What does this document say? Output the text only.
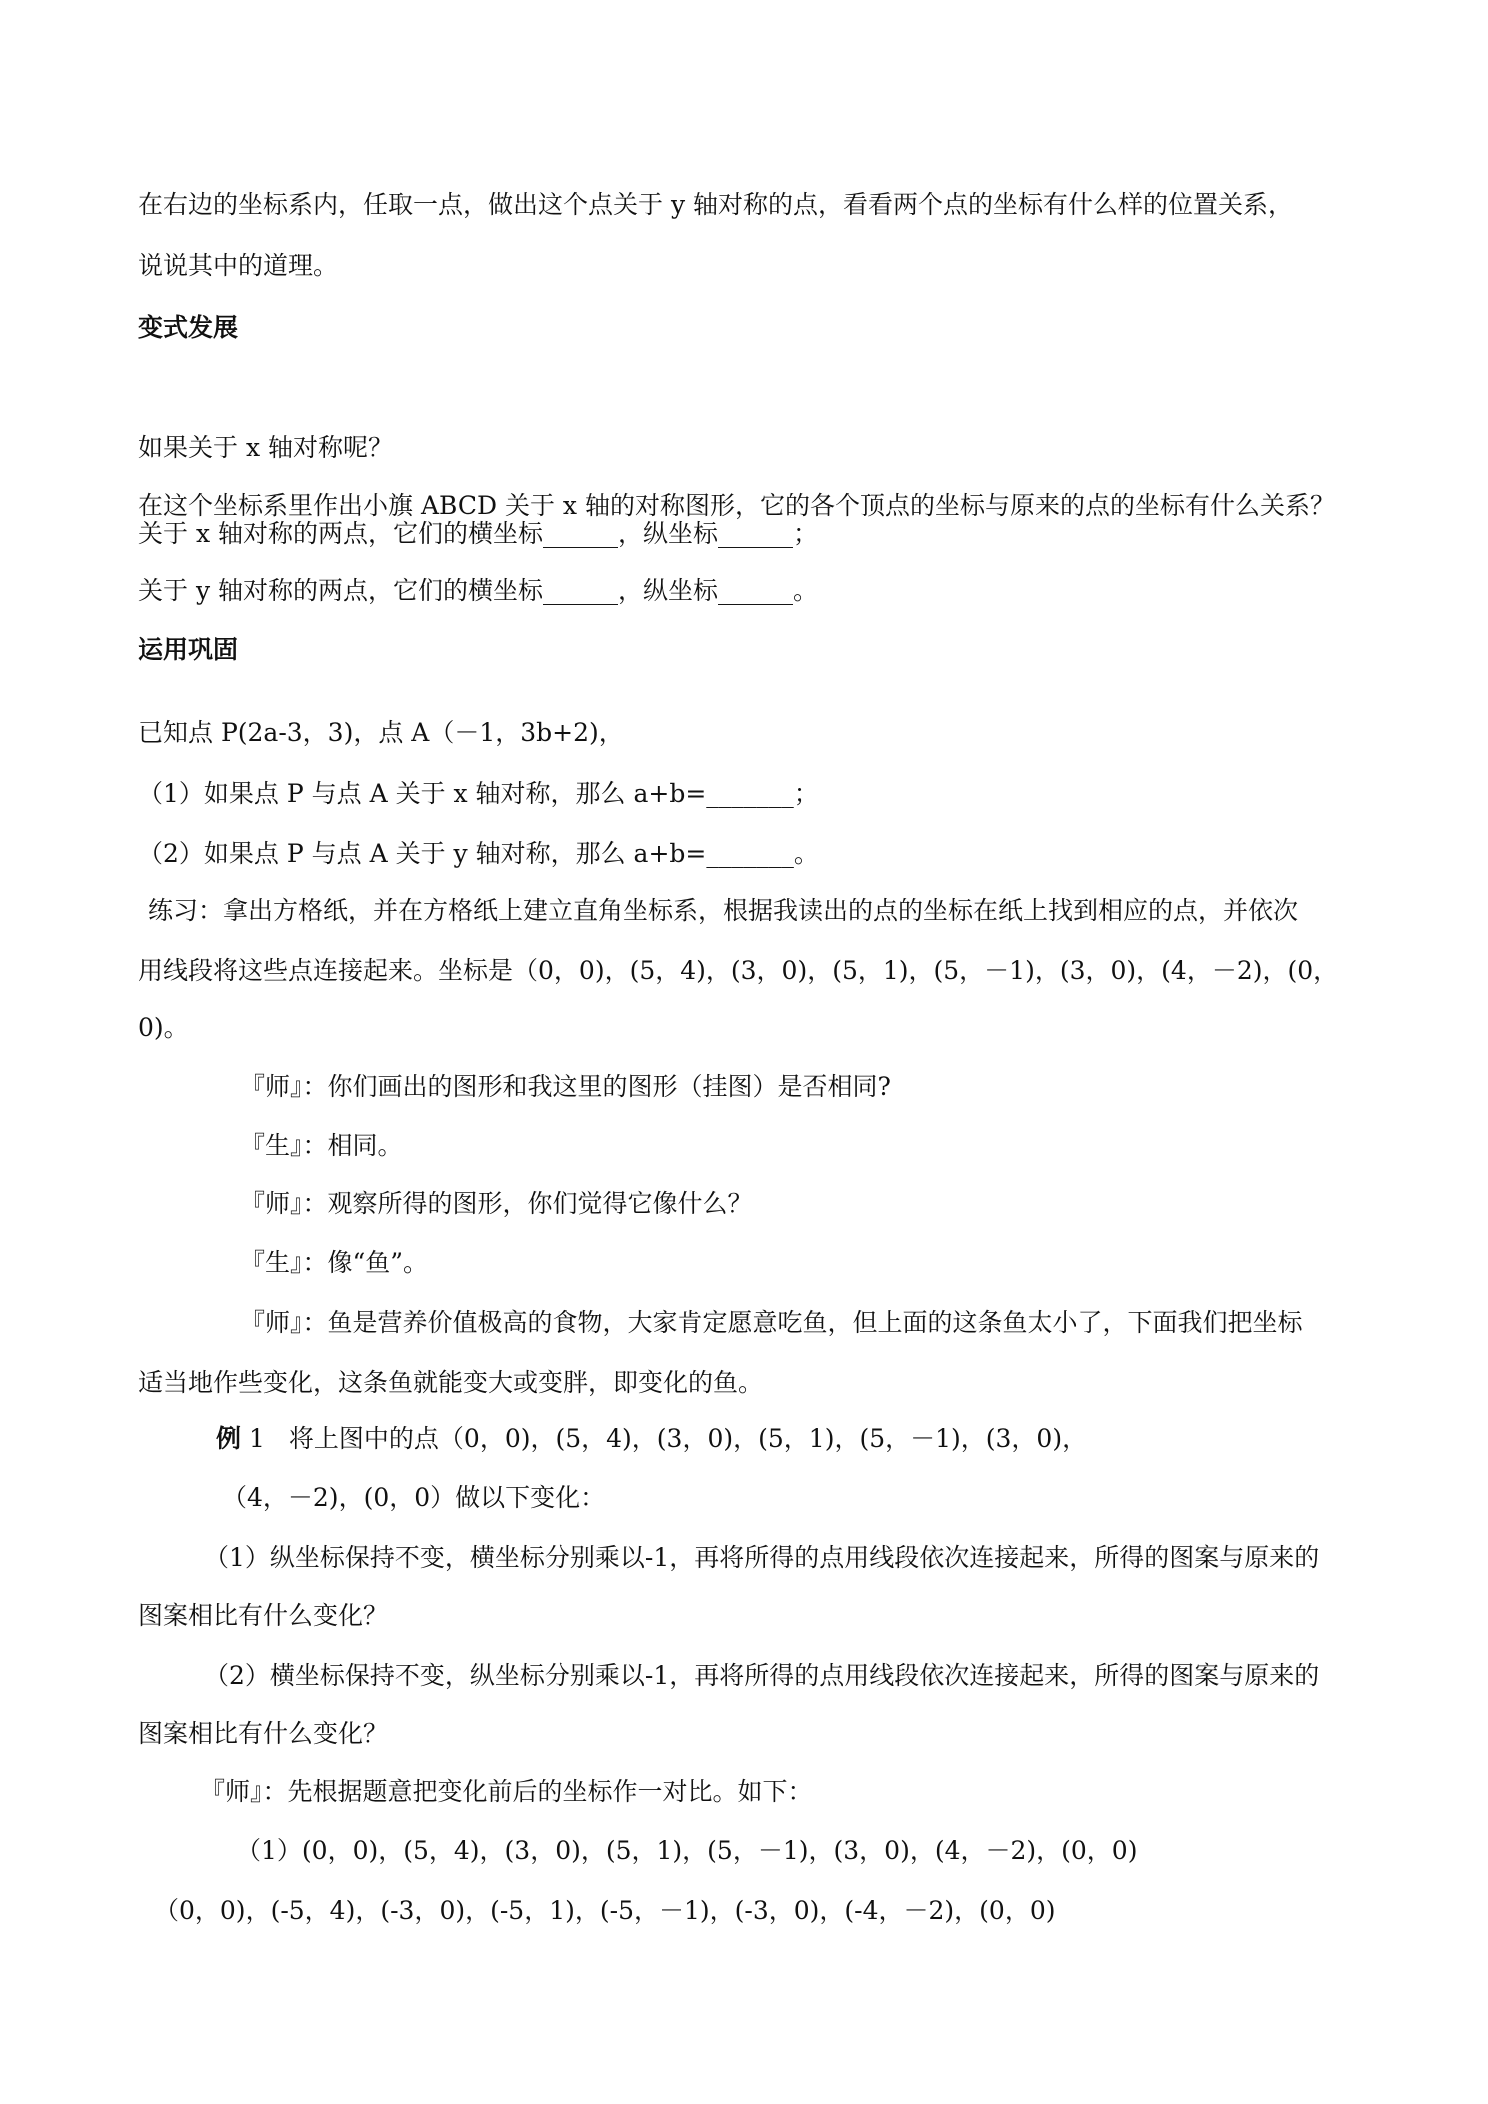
在右边的坐标系内，任取一点，做出这个点关于 y 轴对称的点，看看两个点的坐标有什么样的位置关系，
说说其中的道理。
变式发展
如果关于 x 轴对称呢？
在这个坐标系里作出小旗 ABCD 关于 x 轴的对称图形，它的各个顶点的坐标与原来的点的坐标有什么关系？
关于 x 轴对称的两点，它们的横坐标______，纵坐标______；
关于 y 轴对称的两点，它们的横坐标______，纵坐标______。
运用巩固
已知点 P(2a-3，3)，点 A（－1，3b+2)，
（1）如果点 P 与点 A 关于 x 轴对称，那么 a+b=_______；
（2）如果点 P 与点 A 关于 y 轴对称，那么 a+b=_______。
练习：拿出方格纸，并在方格纸上建立直角坐标系，根据我读出的点的坐标在纸上找到相应的点，并依次
用线段将这些点连接起来。坐标是（0，0)，(5，4)，(3，0)，(5，1)，(5，－1)，(3，0)，(4，－2)，(0，
0)。
『师』：你们画出的图形和我这里的图形（挂图）是否相同?
『生』：相同。
『师』：观察所得的图形，你们觉得它像什么？
『生』：像“鱼”。
『师』：鱼是营养价值极高的食物，大家肯定愿意吃鱼，但上面的这条鱼太小了，下面我们把坐标
适当地作些变化，这条鱼就能变大或变胖，即变化的鱼。
例 1 将上图中的点（0，0)，(5，4)，(3，0)，(5，1)，(5，－1)，(3，0)，
（4，－2)，(0，0）做以下变化：
（1）纵坐标保持不变，横坐标分别乘以-1，再将所得的点用线段依次连接起来，所得的图案与原来的
图案相比有什么变化？
（2）横坐标保持不变，纵坐标分别乘以-1，再将所得的点用线段依次连接起来，所得的图案与原来的
图案相比有什么变化？
『师』：先根据题意把变化前后的坐标作一对比。如下：
（1）(0，0)，(5，4)，(3，0)，(5，1)，(5，－1)，(3，0)，(4，－2)，(0，0)
（0，0)，(-5，4)，(-3，0)，(-5，1)，(-5，－1)，(-3，0)，(-4，－2)，(0，0)
